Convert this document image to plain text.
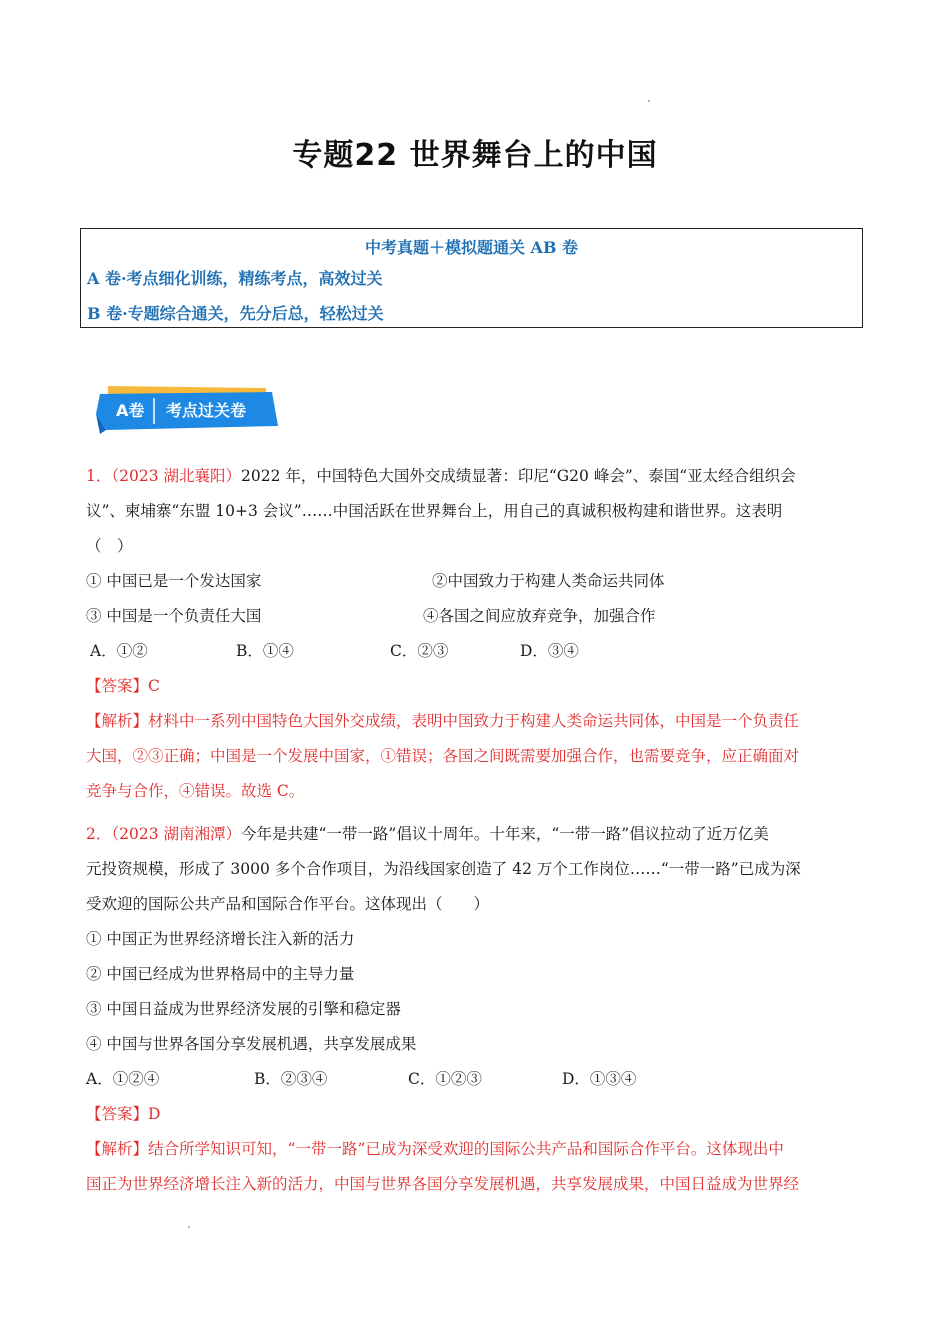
专题22 世界舞台上的中国
中考真题＋模拟题通关 AB 卷
A 卷·考点细化训练，精练考点，高效过关
B 卷·专题综合通关，先分后总，轻松过关
A卷 考点过关卷
1．（2023 湖北襄阳）2022 年，中国特色大国外交成绩显著：印尼“G20 峰会”、泰国“亚太经合组织会
议”、柬埔寨“东盟 10+3 会议”……中国活跃在世界舞台上，用自己的真诚积极构建和谐世界。这表明
（　）
① 中国已是一个发达国家	②中国致力于构建人类命运共同体
③ 中国是一个负责任大国	④各国之间应放弃竞争，加强合作
A．①②	B．①④	C．②③	D．③④
【答案】C
【解析】材料中一系列中国特色大国外交成绩，表明中国致力于构建人类命运共同体，中国是一个负责任
大国，②③正确；中国是一个发展中国家，①错误；各国之间既需要加强合作，也需要竞争，应正确面对
竞争与合作，④错误。故选 C。
2．（2023 湖南湘潭）今年是共建“一带一路”倡议十周年。十年来，“一带一路”倡议拉动了近万亿美
元投资规模，形成了 3000 多个合作项目，为沿线国家创造了 42 万个工作岗位……“一带一路”已成为深
受欢迎的国际公共产品和国际合作平台。这体现出（　　）
① 中国正为世界经济增长注入新的活力
② 中国已经成为世界格局中的主导力量
③ 中国日益成为世界经济发展的引擎和稳定器
④ 中国与世界各国分享发展机遇，共享发展成果
A．①②④	B．②③④	C．①②③	D．①③④
【答案】D
【解析】结合所学知识可知，“一带一路”已成为深受欢迎的国际公共产品和国际合作平台。这体现出中
国正为世界经济增长注入新的活力，中国与世界各国分享发展机遇，共享发展成果，中国日益成为世界经
